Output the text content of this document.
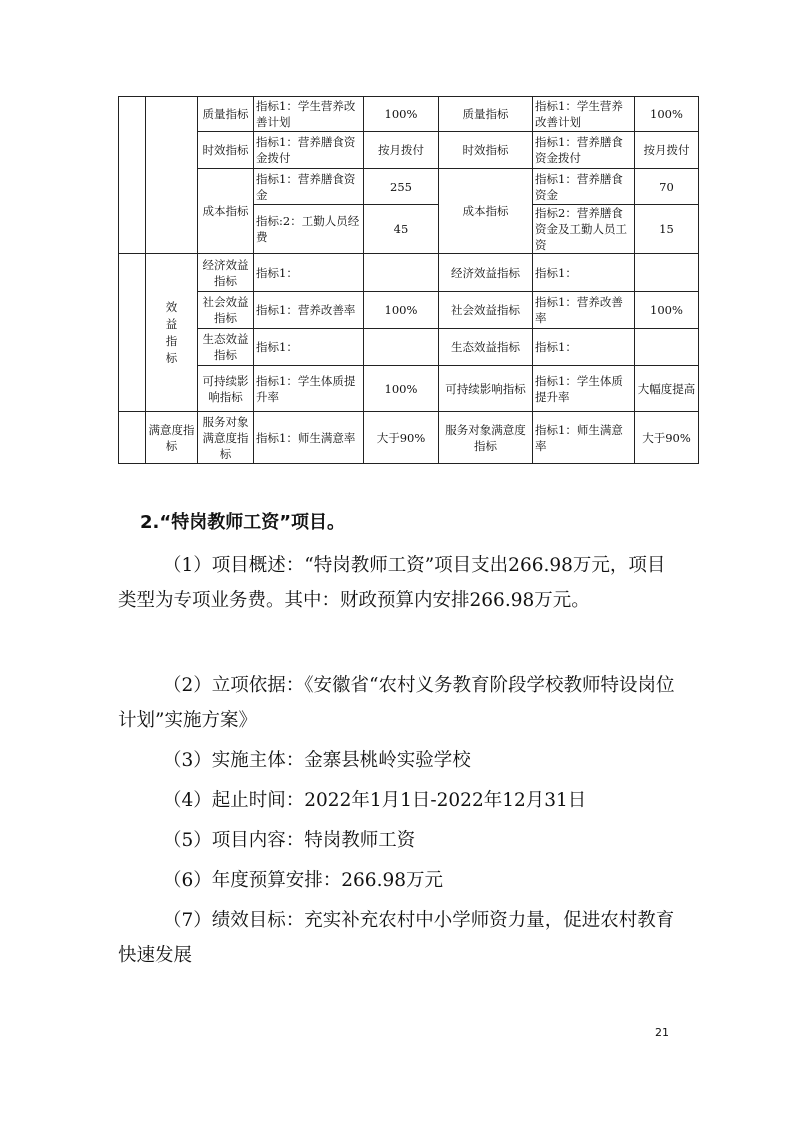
		质量指标	指标1：学生营养改善计划	100%	质量指标	指标1：学生营养改善计划	100%
		时效指标	指标1：营养膳食资金拨付	按月拨付	时效指标	指标1：营养膳食资金拨付	按月拨付
		成本指标	指标1：营养膳食资金	255	成本指标	指标1：营养膳食资金	70
			指标:2：工勤人员经费	45		指标2：营养膳食资金及工勤人员工资	15

	效益指标	经济效益指标	指标1：		经济效益指标	指标1：	
		社会效益指标	指标1：营养改善率	100%	社会效益指标	指标1：营养改善率	100%
		生态效益指标	指标1：		生态效益指标	指标1：	
		可持续影响指标	指标1：学生体质提升率	100%	可持续影响指标	指标1：学生体质提升率	大幅度提高
	满意度指标	服务对象满意度指标	指标1：师生满意率	大于90%	服务对象满意度指标	指标1：师生满意率	大于90%
2.“特岗教师工资”项目。

（1）项目概述：“特岗教师工资”项目支出266.98万元，项目类型为专项业务费。其中：财政预算内安排266.98万元。

（2）立项依据：《安徽省“农村义务教育阶段学校教师特设岗位计划”实施方案》

（3）实施主体：金寨县桃岭实验学校

（4）起止时间：2022年1月1日-2022年12月31日

（5）项目内容：特岗教师工资

（6）年度预算安排：266.98万元

（7）绩效目标：充实补充农村中小学师资力量，促进农村教育快速发展

21
